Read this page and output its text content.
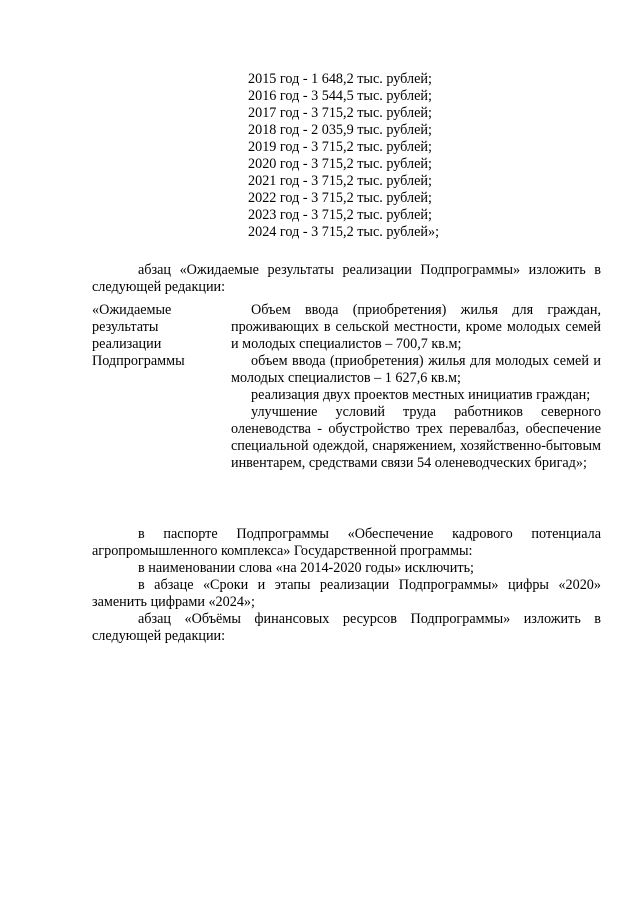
2015 год - 1 648,2 тыс. рублей;
2016 год - 3 544,5 тыс. рублей;
2017 год - 3 715,2 тыс. рублей;
2018 год - 2 035,9 тыс. рублей;
2019 год - 3 715,2 тыс. рублей;
2020 год - 3 715,2 тыс. рублей;
2021 год - 3 715,2 тыс. рублей;
2022 год - 3 715,2 тыс. рублей;
2023 год - 3 715,2 тыс. рублей;
2024 год - 3 715,2 тыс. рублей»;

абзац «Ожидаемые результаты реализации Подпрограммы» изложить в следующей редакции:

«Ожидаемые
результаты
реализации
Подпрограммы

Объем ввода (приобретения) жилья для граждан, проживающих в сельской местности, кроме молодых семей и молодых специалистов – 700,7 кв.м;

объем ввода (приобретения) жилья для молодых семей и молодых специалистов – 1 627,6 кв.м;

реализация двух проектов местных инициатив граждан;

улучшение условий труда работников северного оленеводства - обустройство трех перевалбаз, обеспечение специальной одеждой, снаряжением, хозяйственно-бытовым инвентарем, средствами связи 54 оленеводческих бригад»;

в паспорте Подпрограммы «Обеспечение кадрового потенциала агропромышленного комплекса» Государственной программы:

в наименовании слова «на 2014-2020 годы» исключить;

в абзаце «Сроки и этапы реализации Подпрограммы» цифры «2020» заменить цифрами «2024»;

абзац «Объёмы финансовых ресурсов Подпрограммы» изложить в следующей редакции:
